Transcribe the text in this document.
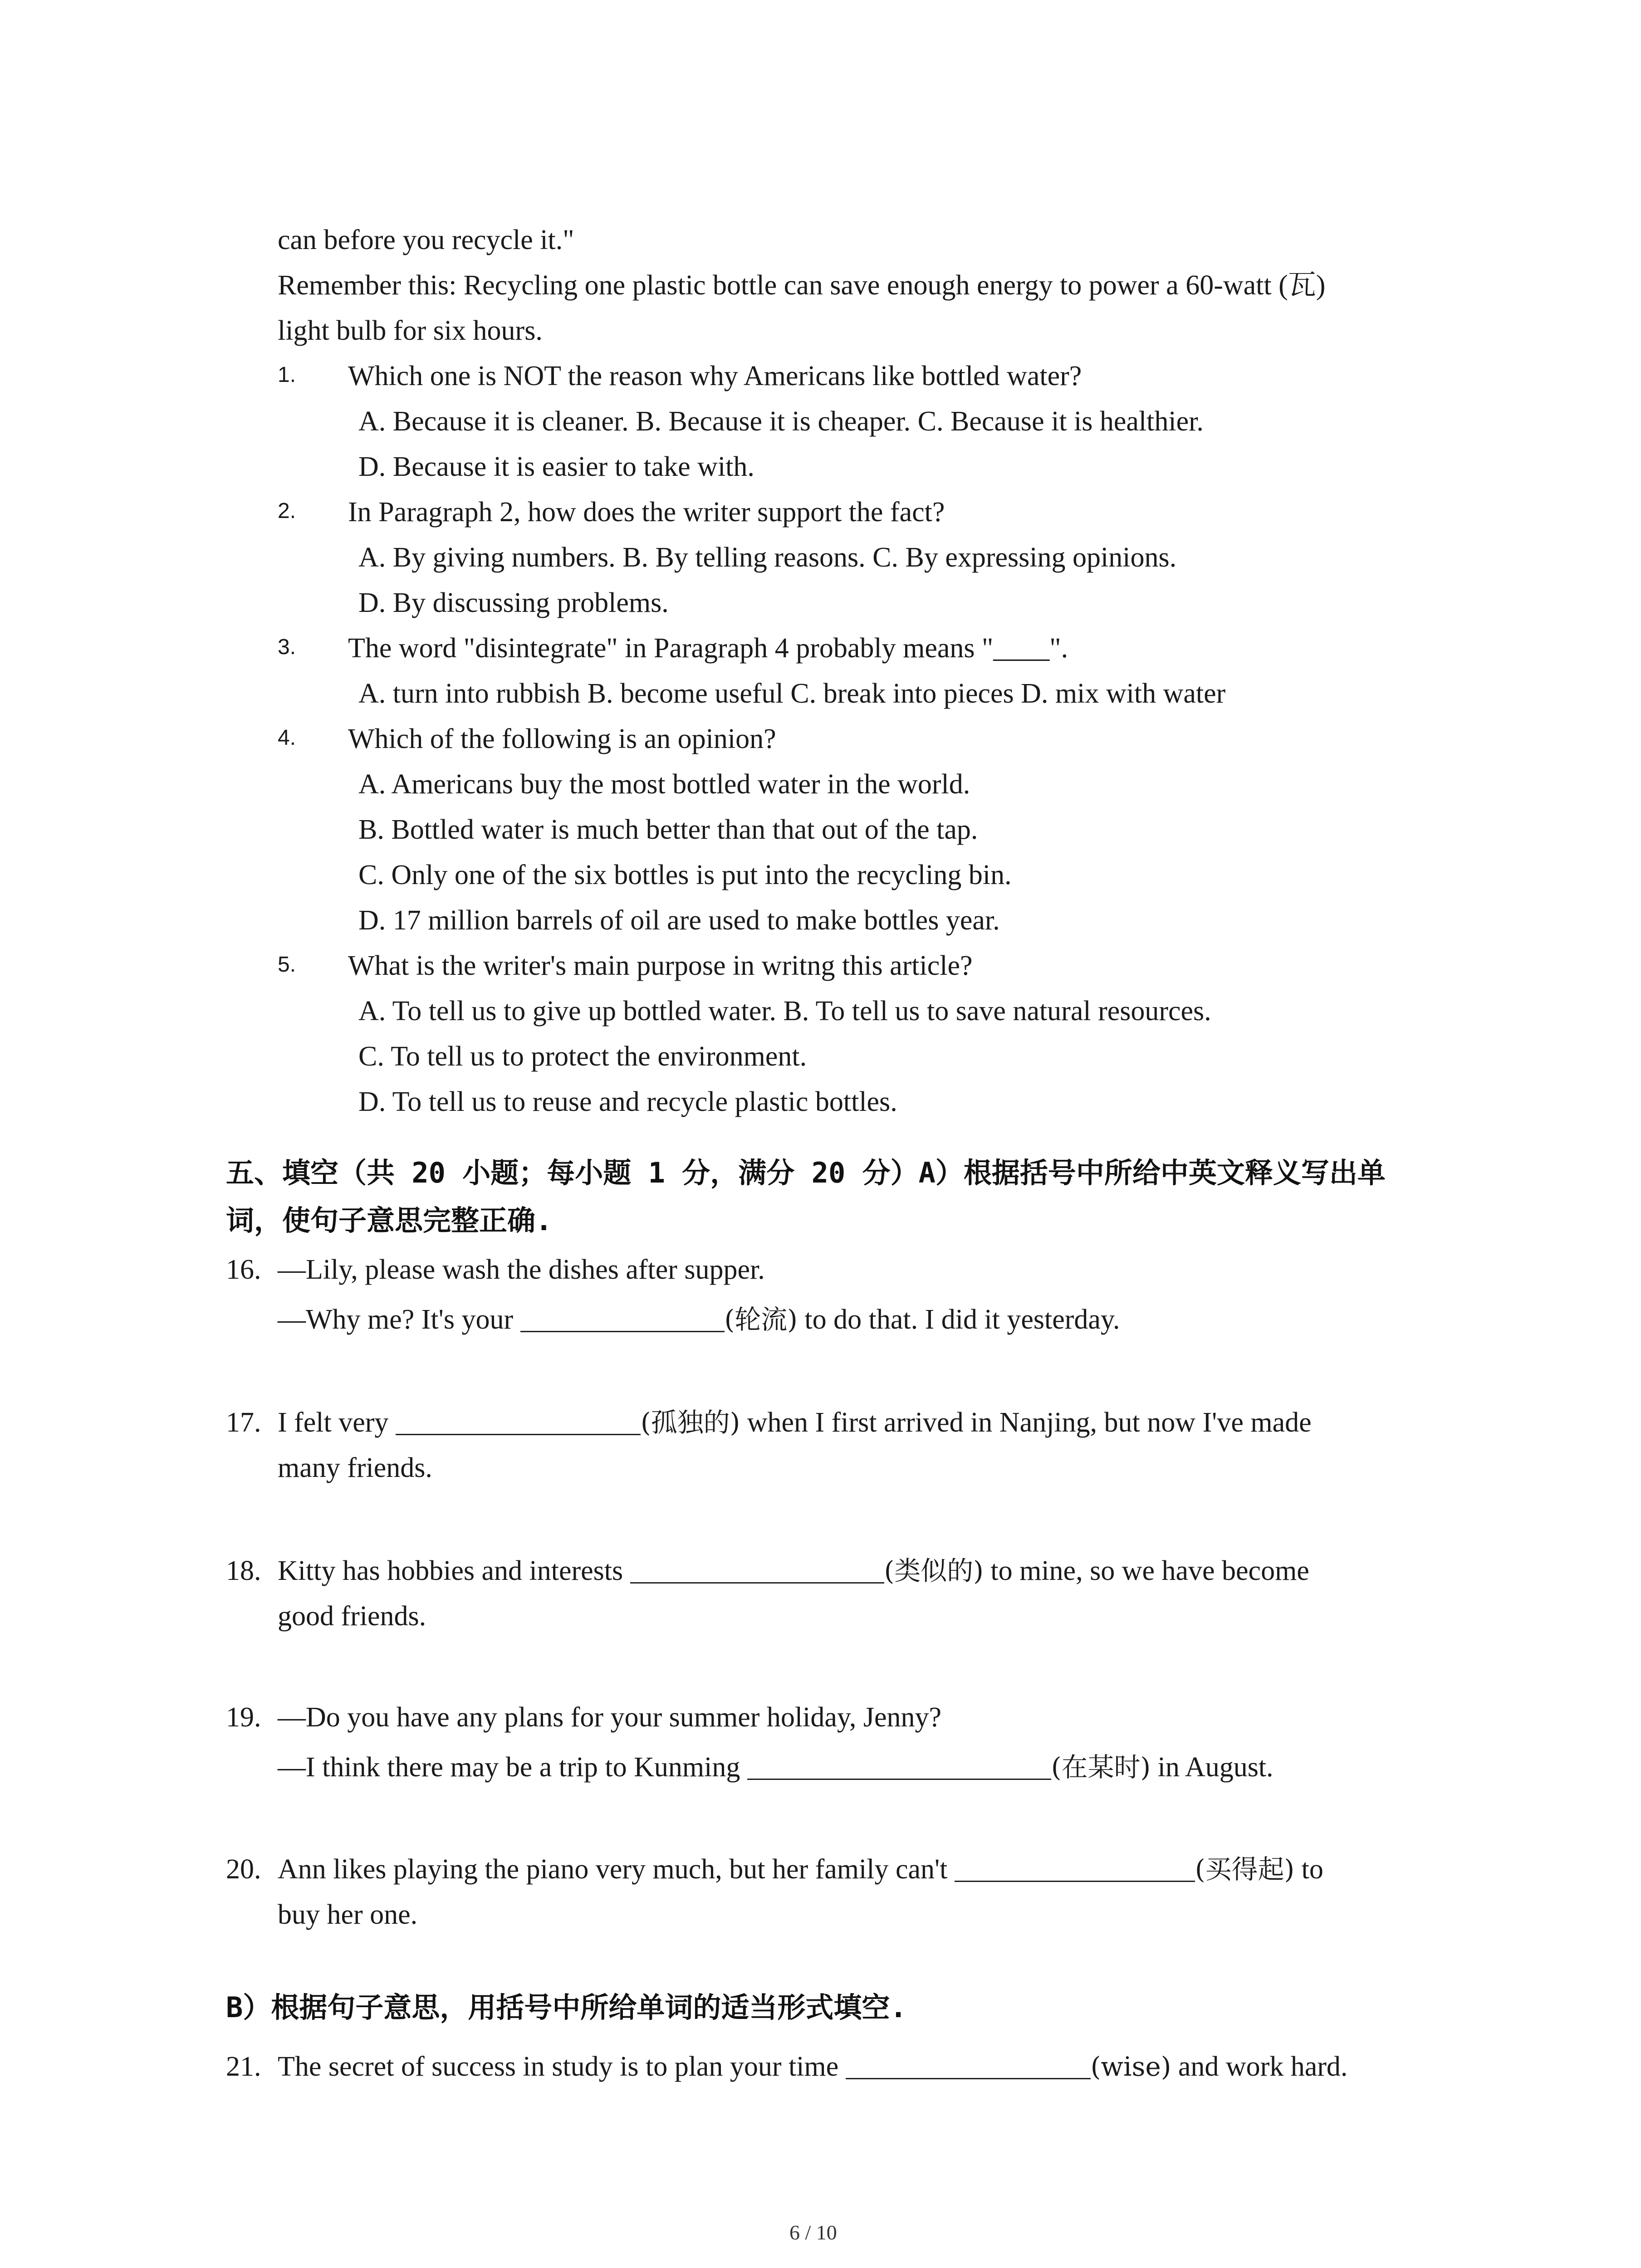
can before you recycle it."
Remember this: Recycling one plastic bottle can save enough energy to power a 60-watt (瓦)
light bulb for six hours.
1. Which one is NOT the reason why Americans like bottled water?
A. Because it is cleaner. B. Because it is cheaper. C. Because it is healthier.
D. Because it is easier to take with.
2. In Paragraph 2, how does the writer support the fact?
A. By giving numbers. B. By telling reasons. C. By expressing opinions.
D. By discussing problems.
3. The word "disintegrate" in Paragraph 4 probably means "____".
A. turn into rubbish B. become useful C. break into pieces D. mix with water
4. Which of the following is an opinion?
A. Americans buy the most bottled water in the world.
B. Bottled water is much better than that out of the tap.
C. Only one of the six bottles is put into the recycling bin.
D. 17 million barrels of oil are used to make bottles year.
5. What is the writer's main purpose in writng this article?
A. To tell us to give up bottled water. B. To tell us to save natural resources.
C. To tell us to protect the environment.
D. To tell us to reuse and recycle plastic bottles.
五、填空（共 20 小题；每小题 1 分，满分 20 分）A）根据括号中所给中英文释义写出单
词，使句子意思完整正确.
16. —Lily, please wash the dishes after supper.
—Why me? It's your	(轮流) to do that. I did it yesterday.
17. I felt very	(孤独的) when I first arrived in Nanjing, but now I've made
many friends.
18. Kitty has hobbies and interests	(类似的) to mine, so we have become
good friends.
19. —Do you have any plans for your summer holiday, Jenny?
—I think there may be a trip to Kunming	(在某时) in August.
20. Ann likes playing the piano very much, but her family can't	(买得起) to
buy her one.
B）根据句子意思，用括号中所给单词的适当形式填空.
21. The secret of success in study is to plan your time	(wise) and work hard.
6 / 10
